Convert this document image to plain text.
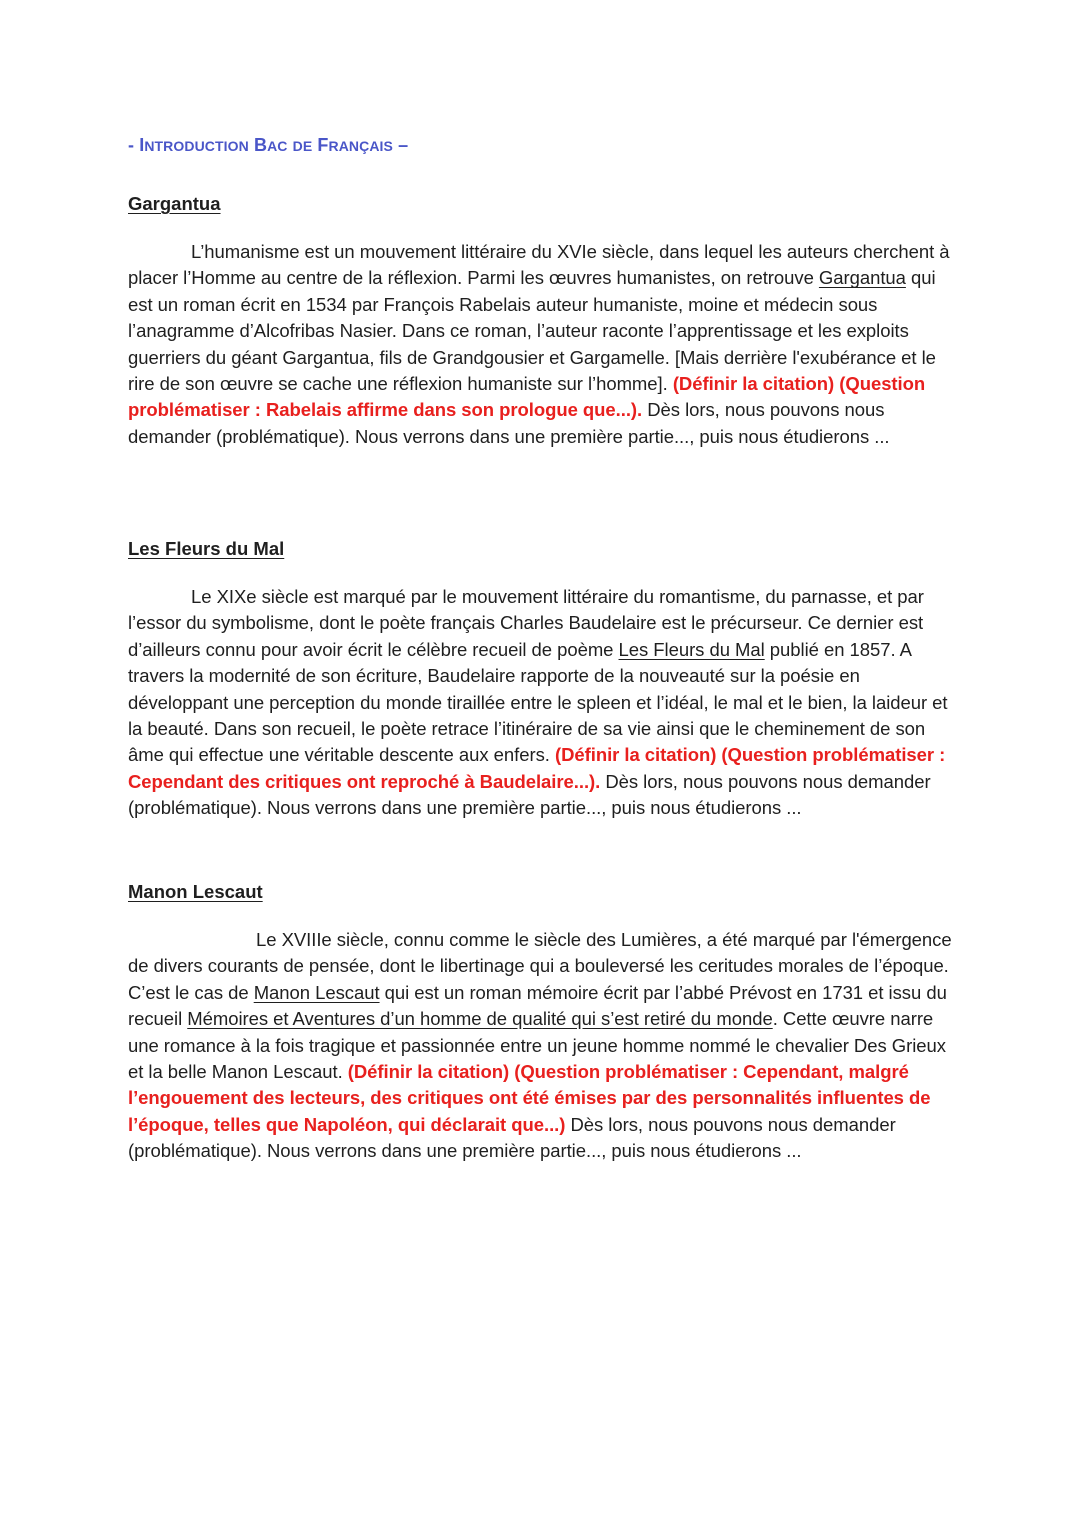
- INTRODUCTION BAC DE FRANÇAIS –
Gargantua

L’humanisme est un mouvement littéraire du XVIe siècle, dans lequel les auteurs cherchent à placer l’Homme au centre de la réflexion. Parmi les œuvres humanistes, on retrouve Gargantua qui est un roman écrit en 1534 par François Rabelais auteur humaniste, moine et médecin sous l’anagramme d’Alcofribas Nasier. Dans ce roman, l’auteur raconte l’apprentissage et les exploits guerriers du géant Gargantua, fils de Grandgousier et Gargamelle. [Mais derrière l'exubérance et le rire de son œuvre se cache une réflexion humaniste sur l’homme]. (Définir la citation) (Question problématiser : Rabelais affirme dans son prologue que...). Dès lors, nous pouvons nous demander (problématique). Nous verrons dans une première partie..., puis nous étudierons ...

Les Fleurs du Mal

Le XIXe siècle est marqué par le mouvement littéraire du romantisme, du parnasse, et par l’essor du symbolisme, dont le poète français Charles Baudelaire est le précurseur. Ce dernier est d’ailleurs connu pour avoir écrit le célèbre recueil de poème Les Fleurs du Mal publié en 1857. A travers la modernité de son écriture, Baudelaire rapporte de la nouveauté sur la poésie en développant une perception du monde tiraillée entre le spleen et l’idéal, le mal et le bien, la laideur et la beauté. Dans son recueil, le poète retrace l’itinéraire de sa vie ainsi que le cheminement de son âme qui effectue une véritable descente aux enfers. (Définir la citation) (Question problématiser : Cependant des critiques ont reproché à Baudelaire...). Dès lors, nous pouvons nous demander (problématique). Nous verrons dans une première partie..., puis nous étudierons ...

Manon Lescaut

Le XVIIIe siècle, connu comme le siècle des Lumières, a été marqué par l'émergence de divers courants de pensée, dont le libertinage qui a bouleversé les ceritudes morales de l’époque. C’est le cas de Manon Lescaut qui est un roman mémoire écrit par l’abbé Prévost en 1731 et issu du recueil Mémoires et Aventures d’un homme de qualité qui s’est retiré du monde. Cette œuvre narre une romance à la fois tragique et passionnée entre un jeune homme nommé le chevalier Des Grieux et la belle Manon Lescaut. (Définir la citation) (Question problématiser : Cependant, malgré l’engouement des lecteurs, des critiques ont été émises par des personnalités influentes de l’époque, telles que Napoléon, qui déclarait que...) Dès lors, nous pouvons nous demander (problématique). Nous verrons dans une première partie..., puis nous étudierons ...
